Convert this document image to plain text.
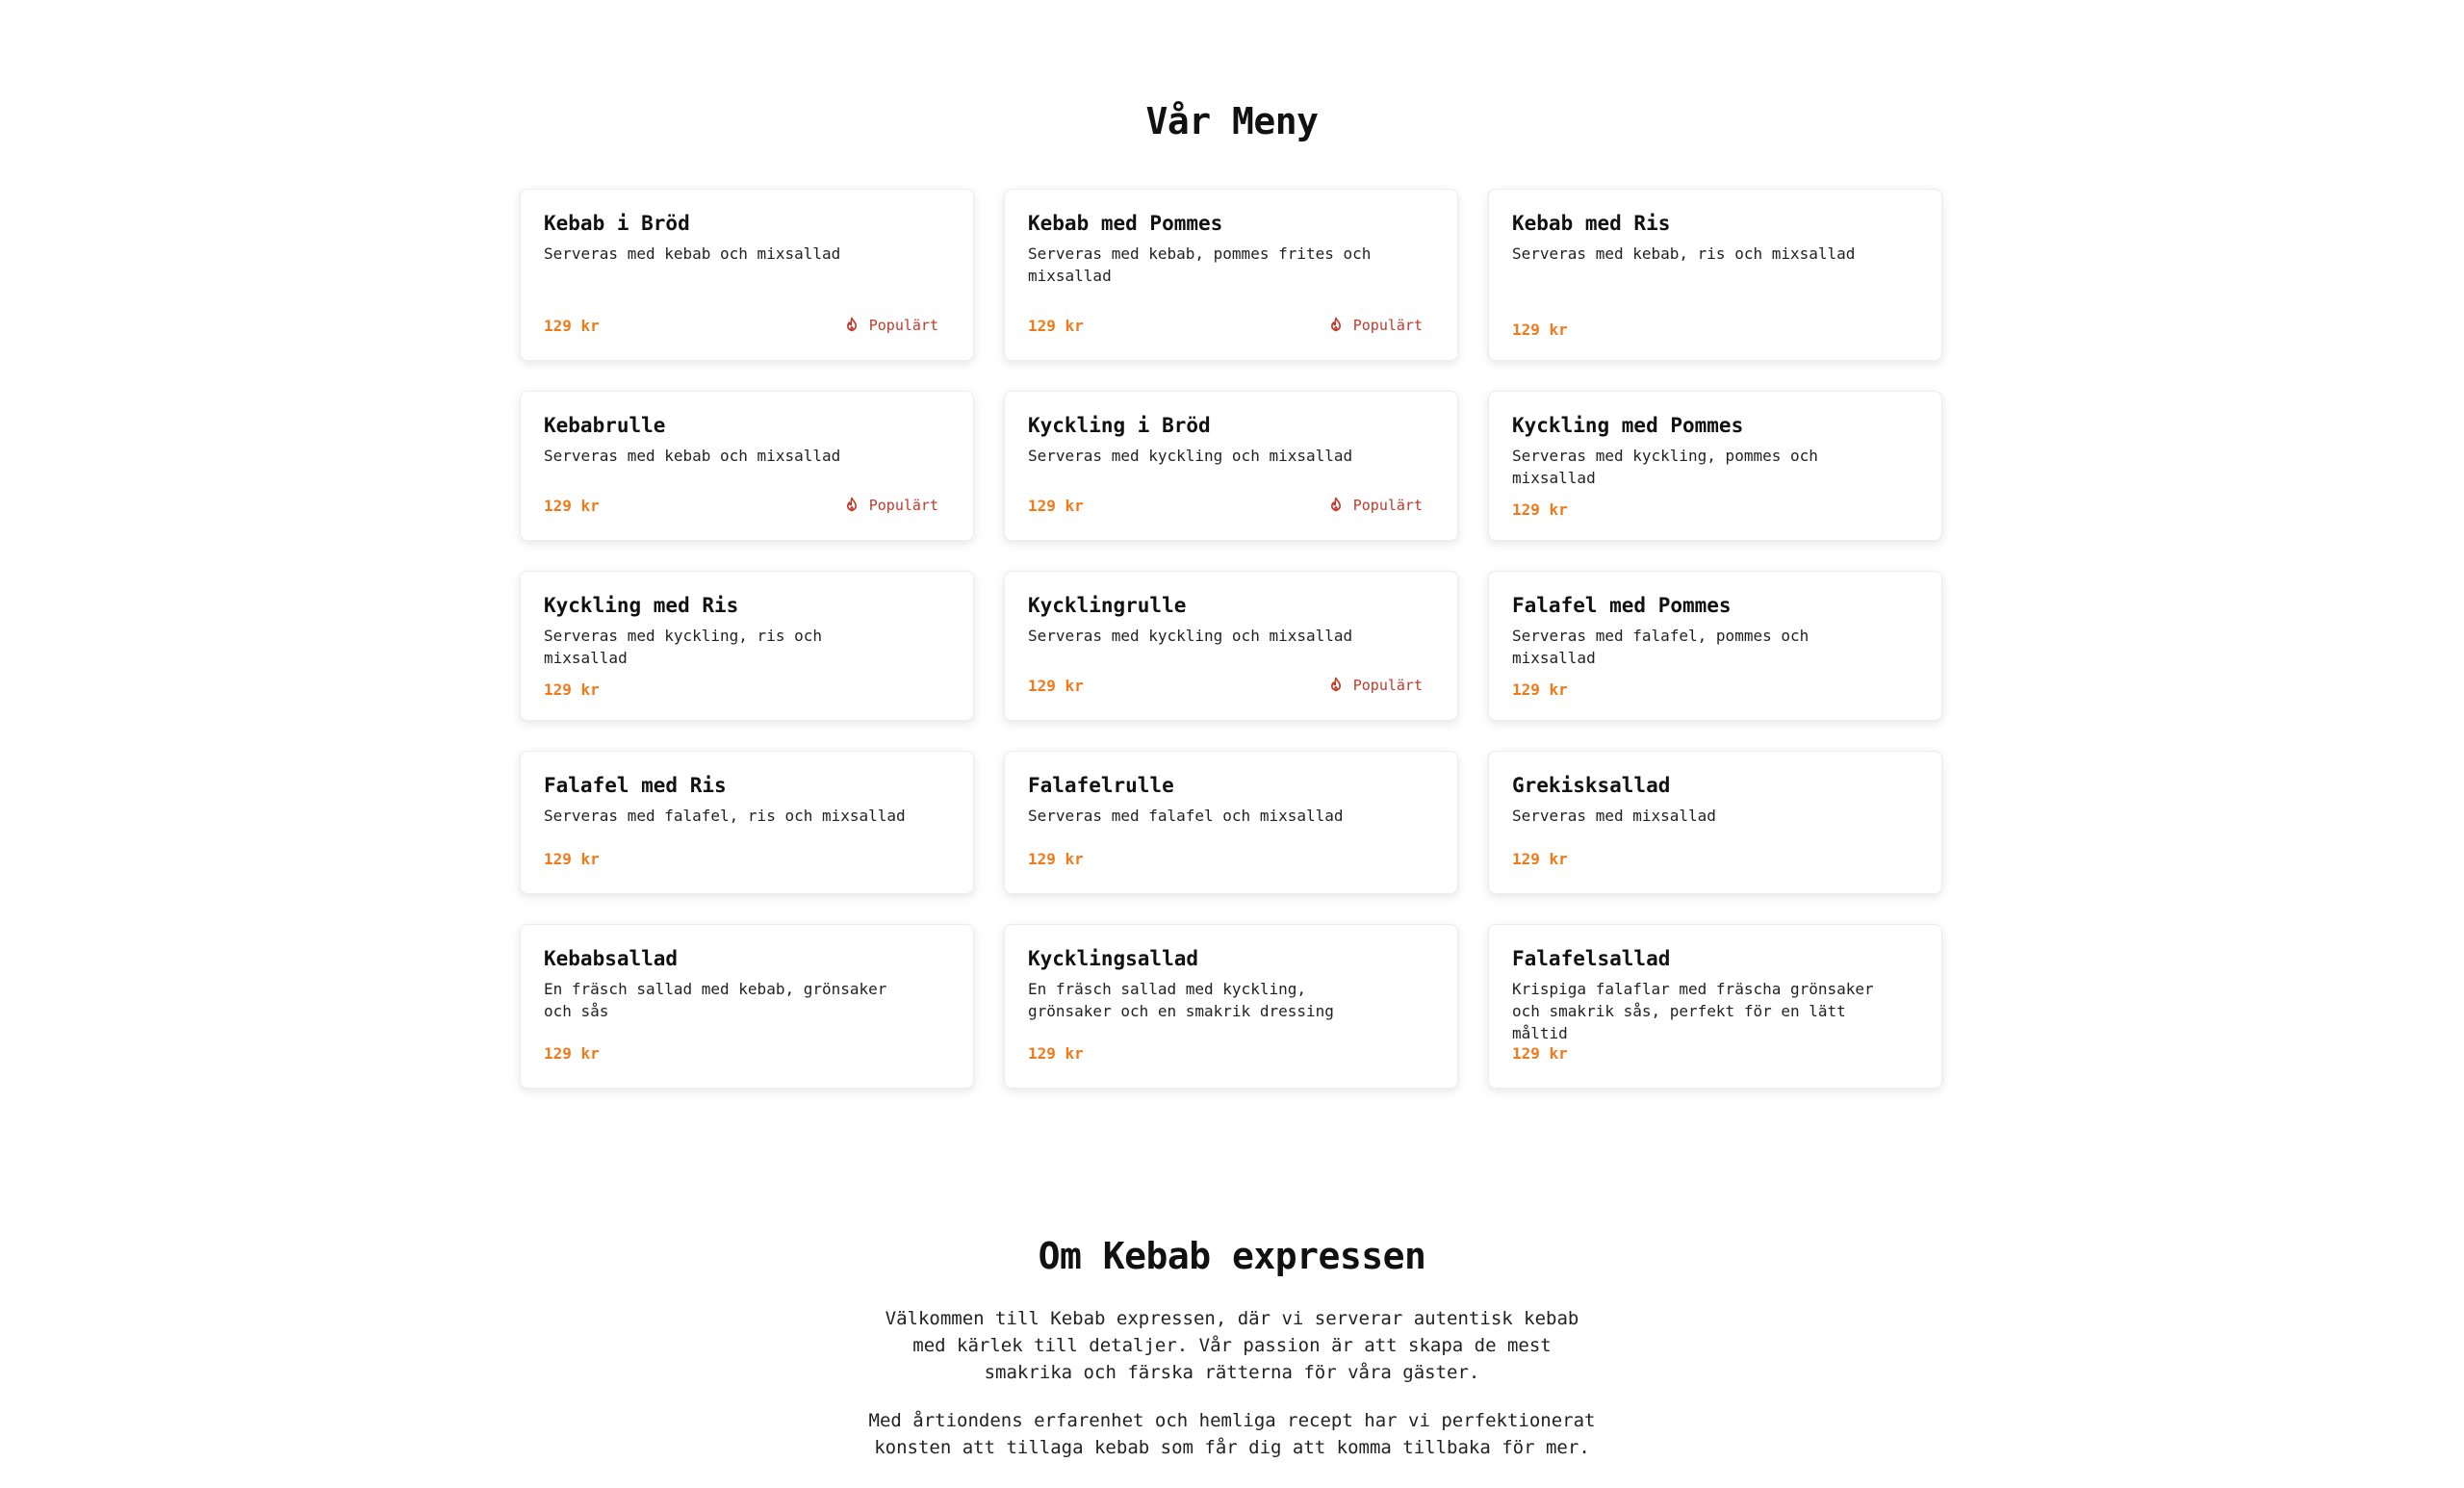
Vår Meny
Kebab i Bröd

Serveras med kebab och mixsallad

129 kr	Populärt
Kebab med Pommes

Serveras med kebab, pommes frites och mixsallad

129 kr	Populärt
Kebab med Ris

Serveras med kebab, ris och mixsallad

129 kr
Kebabrulle

Serveras med kebab och mixsallad

129 kr	Populärt
Kyckling i Bröd

Serveras med kyckling och mixsallad

129 kr	Populärt
Kyckling med Pommes

Serveras med kyckling, pommes och mixsallad

129 kr
Kyckling med Ris

Serveras med kyckling, ris och mixsallad

129 kr
Kycklingrulle

Serveras med kyckling och mixsallad

129 kr	Populärt
Falafel med Pommes

Serveras med falafel, pommes och mixsallad

129 kr
Falafel med Ris

Serveras med falafel, ris och mixsallad

129 kr
Falafelrulle

Serveras med falafel och mixsallad

129 kr
Grekisksallad

Serveras med mixsallad

129 kr
Kebabsallad

En fräsch sallad med kebab, grönsaker och sås

129 kr
Kycklingsallad

En fräsch sallad med kyckling, grönsaker och en smakrik dressing

129 kr
Falafelsallad

Krispiga falaflar med fräscha grönsaker och smakrik sås, perfekt för en lätt måltid

129 kr
Om Kebab expressen

Välkommen till Kebab expressen, där vi serverar autentisk kebab med kärlek till detaljer. Vår passion är att skapa de mest smakrika och färska rätterna för våra gäster.

Med årtiondens erfarenhet och hemliga recept har vi perfektionerat konsten att tillaga kebab som får dig att komma tillbaka för mer.
